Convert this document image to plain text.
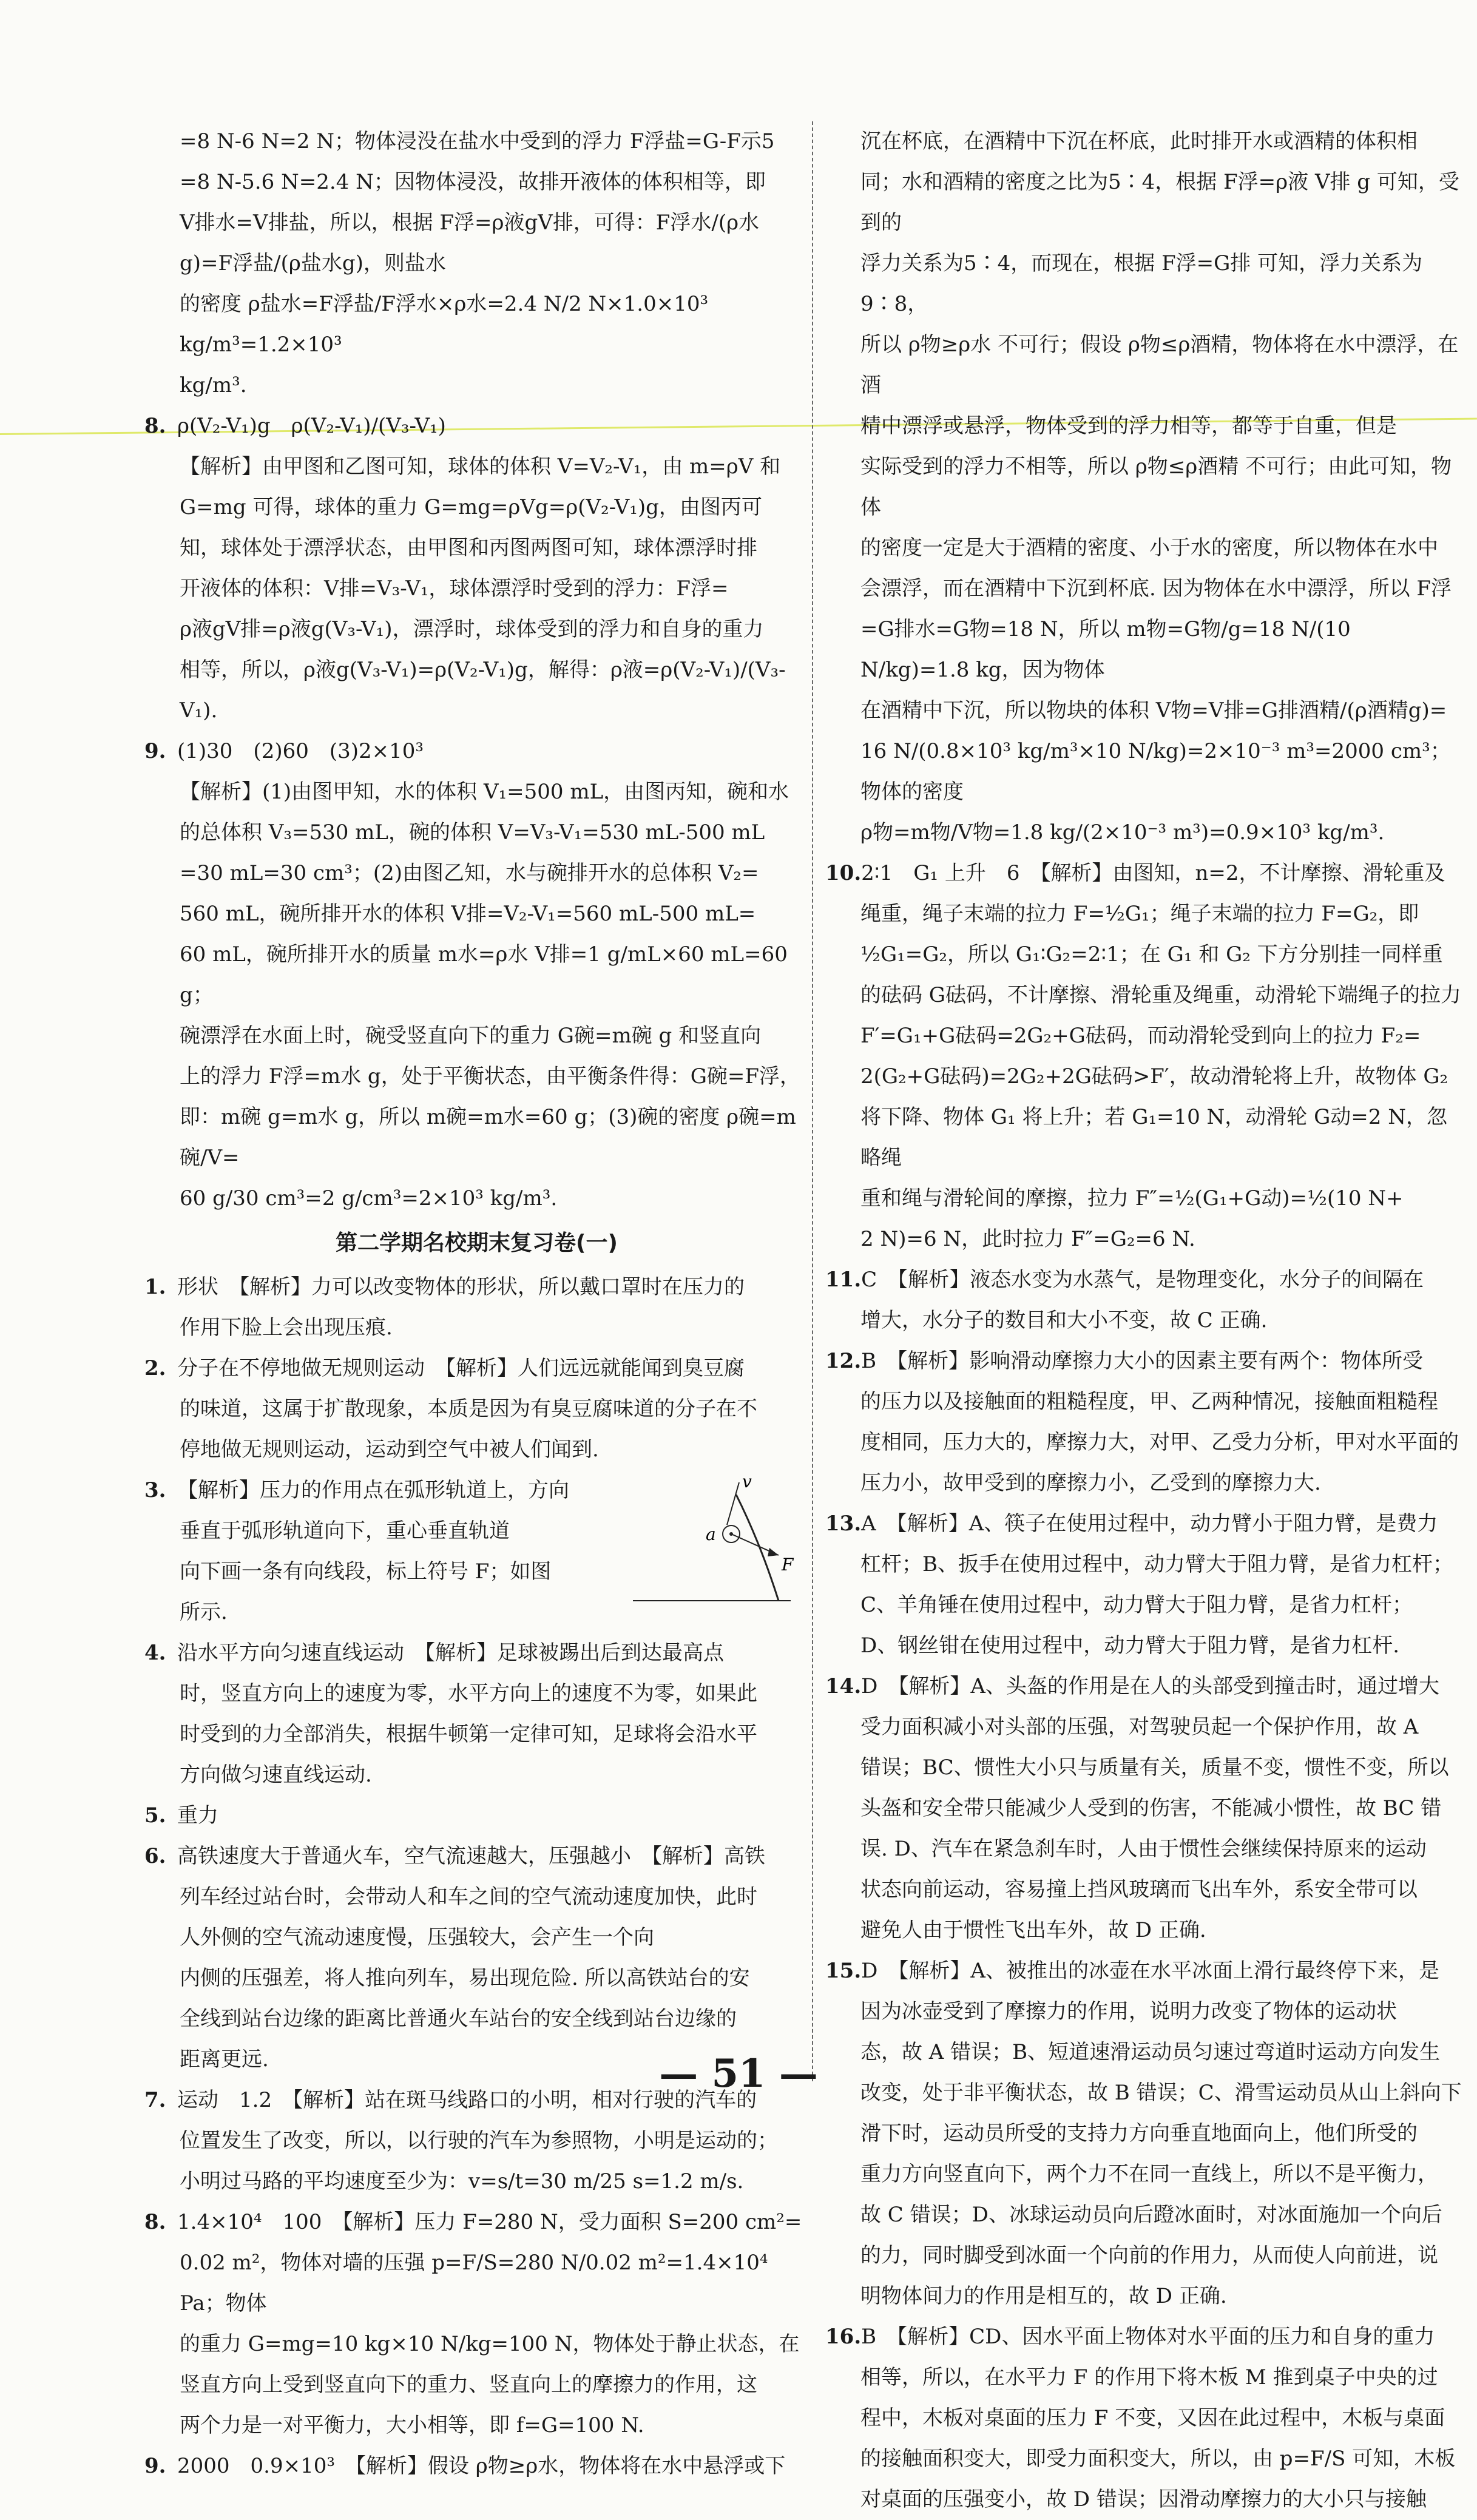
=8 N-6 N=2 N；物体浸没在盐水中受到的浮力 F浮盐=G-F示5

=8 N-5.6 N=2.4 N；因物体浸没，故排开液体的体积相等，即

V排水=V排盐，所以，根据 F浮=ρ液gV排，可得：F浮水/(ρ水g)=F浮盐/(ρ盐水g)，则盐水

的密度 ρ盐水=F浮盐/F浮水×ρ水=2.4 N/2 N×1.0×10³ kg/m³=1.2×10³

kg/m³.

8. ρ(V₂-V₁)g　ρ(V₂-V₁)/(V₃-V₁)

【解析】由甲图和乙图可知，球体的体积 V=V₂-V₁，由 m=ρV 和

G=mg 可得，球体的重力 G=mg=ρVg=ρ(V₂-V₁)g，由图丙可

知，球体处于漂浮状态，由甲图和丙图两图可知，球体漂浮时排

开液体的体积：V排=V₃-V₁，球体漂浮时受到的浮力：F浮=

ρ液gV排=ρ液g(V₃-V₁)，漂浮时，球体受到的浮力和自身的重力

相等，所以，ρ液g(V₃-V₁)=ρ(V₂-V₁)g，解得：ρ液=ρ(V₂-V₁)/(V₃-V₁).

9. (1)30　(2)60　(3)2×10³

【解析】(1)由图甲知，水的体积 V₁=500 mL，由图丙知，碗和水

的总体积 V₃=530 mL，碗的体积 V=V₃-V₁=530 mL-500 mL

=30 mL=30 cm³；(2)由图乙知，水与碗排开水的总体积 V₂=

560 mL，碗所排开水的体积 V排=V₂-V₁=560 mL-500 mL=

60 mL，碗所排开水的质量 m水=ρ水 V排=1 g/mL×60 mL=60 g；

碗漂浮在水面上时，碗受竖直向下的重力 G碗=m碗 g 和竖直向

上的浮力 F浮=m水 g，处于平衡状态，由平衡条件得：G碗=F浮，

即：m碗 g=m水 g，所以 m碗=m水=60 g；(3)碗的密度 ρ碗=m碗/V=

60 g/30 cm³=2 g/cm³=2×10³ kg/m³.

第二学期名校期末复习卷(一)

1. 形状　【解析】力可以改变物体的形状，所以戴口罩时在压力的

作用下脸上会出现压痕.

2. 分子在不停地做无规则运动　【解析】人们远远就能闻到臭豆腐

的味道，这属于扩散现象，本质是因为有臭豆腐味道的分子在不

停地做无规则运动，运动到空气中被人们闻到.

v
a
F

3. 【解析】压力的作用点在弧形轨道上，方向

垂直于弧形轨道向下，重心垂直轨道

向下画一条有向线段，标上符号 F；如图

所示.

4. 沿水平方向匀速直线运动　【解析】足球被踢出后到达最高点

时，竖直方向上的速度为零，水平方向上的速度不为零，如果此

时受到的力全部消失，根据牛顿第一定律可知，足球将会沿水平

方向做匀速直线运动.

5. 重力

6. 高铁速度大于普通火车，空气流速越大，压强越小　【解析】高铁

列车经过站台时，会带动人和车之间的空气流动速度加快，此时

人外侧的空气流动速度慢，压强较大，会产生一个向

内侧的压强差，将人推向列车，易出现危险. 所以高铁站台的安

全线到站台边缘的距离比普通火车站台的安全线到站台边缘的

距离更远.

7. 运动　1.2　【解析】站在斑马线路口的小明，相对行驶的汽车的

位置发生了改变，所以，以行驶的汽车为参照物，小明是运动的；

小明过马路的平均速度至少为：v=s/t=30 m/25 s=1.2 m/s.

8. 1.4×10⁴　100　【解析】压力 F=280 N，受力面积 S=200 cm²=

0.02 m²，物体对墙的压强 p=F/S=280 N/0.02 m²=1.4×10⁴ Pa；物体

的重力 G=mg=10 kg×10 N/kg=100 N，物体处于静止状态，在

竖直方向上受到竖直向下的重力、竖直向上的摩擦力的作用，这

两个力是一对平衡力，大小相等，即 f=G=100 N.

9. 2000　0.9×10³　【解析】假设 ρ物≥ρ水，物体将在水中悬浮或下

沉在杯底，在酒精中下沉在杯底，此时排开水或酒精的体积相

同；水和酒精的密度之比为5∶4，根据 F浮=ρ液 V排 g 可知，受到的

浮力关系为5∶4，而现在，根据 F浮=G排 可知，浮力关系为9∶8，

所以 ρ物≥ρ水 不可行；假设 ρ物≤ρ酒精，物体将在水中漂浮，在酒

精中漂浮或悬浮，物体受到的浮力相等，都等于自重，但是

实际受到的浮力不相等，所以 ρ物≤ρ酒精 不可行；由此可知，物体

的密度一定是大于酒精的密度、小于水的密度，所以物体在水中

会漂浮，而在酒精中下沉到杯底. 因为物体在水中漂浮，所以 F浮

=G排水=G物=18 N，所以 m物=G物/g=18 N/(10 N/kg)=1.8 kg，因为物体

在酒精中下沉，所以物块的体积 V物=V排=G排酒精/(ρ酒精g)=

16 N/(0.8×10³ kg/m³×10 N/kg)=2×10⁻³ m³=2000 cm³；物体的密度

ρ物=m物/V物=1.8 kg/(2×10⁻³ m³)=0.9×10³ kg/m³.

10.2∶1　G₁ 上升　6　【解析】由图知，n=2，不计摩擦、滑轮重及

绳重，绳子末端的拉力 F=½G₁；绳子末端的拉力 F=G₂，即

½G₁=G₂，所以 G₁∶G₂=2∶1；在 G₁ 和 G₂ 下方分别挂一同样重

的砝码 G砝码，不计摩擦、滑轮重及绳重，动滑轮下端绳子的拉力

F′=G₁+G砝码=2G₂+G砝码，而动滑轮受到向上的拉力 F₂=

2(G₂+G砝码)=2G₂+2G砝码>F′，故动滑轮将上升，故物体 G₂

将下降、物体 G₁ 将上升；若 G₁=10 N，动滑轮 G动=2 N，忽略绳

重和绳与滑轮间的摩擦，拉力 F″=½(G₁+G动)=½(10 N+

2 N)=6 N，此时拉力 F″=G₂=6 N.

11.C　【解析】液态水变为水蒸气，是物理变化，水分子的间隔在

增大，水分子的数目和大小不变，故 C 正确.

12.B　【解析】影响滑动摩擦力大小的因素主要有两个：物体所受

的压力以及接触面的粗糙程度，甲、乙两种情况，接触面粗糙程

度相同，压力大的，摩擦力大，对甲、乙受力分析，甲对水平面的

压力小，故甲受到的摩擦力小，乙受到的摩擦力大.

13.A　【解析】A、筷子在使用过程中，动力臂小于阻力臂，是费力

杠杆；B、扳手在使用过程中，动力臂大于阻力臂，是省力杠杆；

C、羊角锤在使用过程中，动力臂大于阻力臂，是省力杠杆；

D、钢丝钳在使用过程中，动力臂大于阻力臂，是省力杠杆.

14.D　【解析】A、头盔的作用是在人的头部受到撞击时，通过增大

受力面积减小对头部的压强，对驾驶员起一个保护作用，故 A

错误；BC、惯性大小只与质量有关，质量不变，惯性不变，所以

头盔和安全带只能减少人受到的伤害，不能减小惯性，故 BC 错

误. D、汽车在紧急刹车时，人由于惯性会继续保持原来的运动

状态向前运动，容易撞上挡风玻璃而飞出车外，系安全带可以

避免人由于惯性飞出车外，故 D 正确.

15.D　【解析】A、被推出的冰壶在水平冰面上滑行最终停下来，是

因为冰壶受到了摩擦力的作用，说明力改变了物体的运动状

态，故 A 错误；B、短道速滑运动员匀速过弯道时运动方向发生

改变，处于非平衡状态，故 B 错误；C、滑雪运动员从山上斜向下

滑下时，运动员所受的支持力方向垂直地面向上，他们所受的

重力方向竖直向下，两个力不在同一直线上，所以不是平衡力，

故 C 错误；D、冰球运动员向后蹬冰面时，对冰面施加一个向后

的力，同时脚受到冰面一个向前的作用力，从而使人向前进，说

明物体间力的作用是相互的，故 D 正确.

16.B　【解析】CD、因水平面上物体对水平面的压力和自身的重力

相等，所以，在水平力 F 的作用下将木板 M 推到桌子中央的过

程中，木板对桌面的压力 F 不变，又因在此过程中，木板与桌面

的接触面积变大，即受力面积变大，所以，由 p=F/S 可知，木板

对桌面的压强变小，故 D 错误；因滑动摩擦力的大小只与接触

— 51 —
